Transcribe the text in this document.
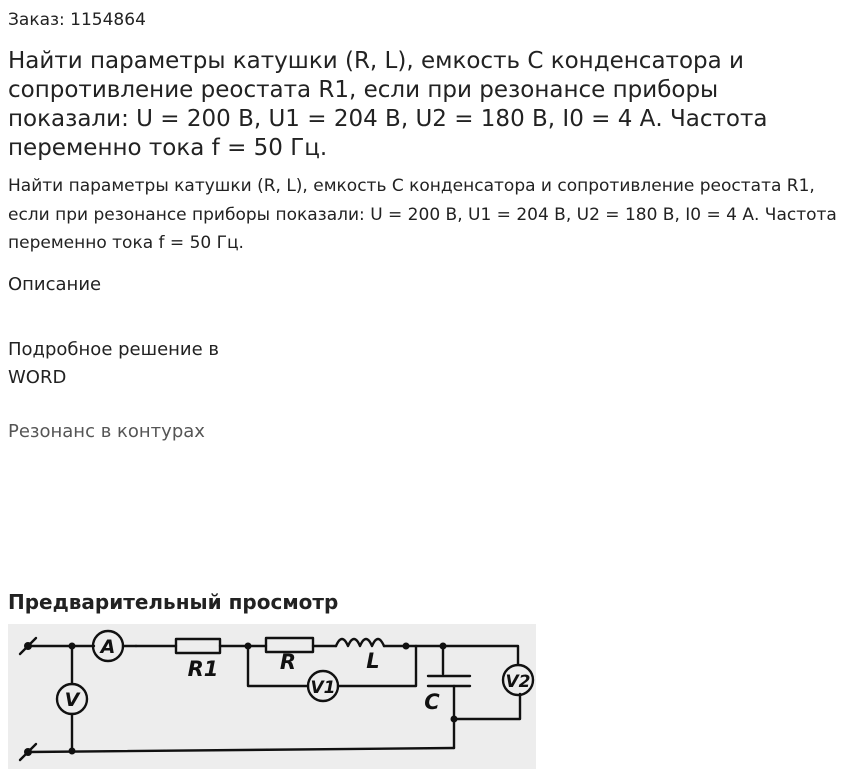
Заказ: 1154864
Найти параметры катушки (R, L), емкость С конденсатора и сопротивление реостата R1, если при резонансе приборы показали: U = 200 В, U1 = 204 В, U2 = 180 В, I0 = 4 А. Частота переменно тока f = 50 Гц.
Найти параметры катушки (R, L), емкость С конденсатора и сопротивление реостата R1, если при резонансе приборы показали: U = 200 В, U1 = 204 В, U2 = 180 В, I0 = 4 А. Частота переменно тока f = 50 Гц.
Описание
Подробное решение в WORD
Резонанс в контурах
Предварительный просмотр
A
R1	R	L
V1
C
V2
V
